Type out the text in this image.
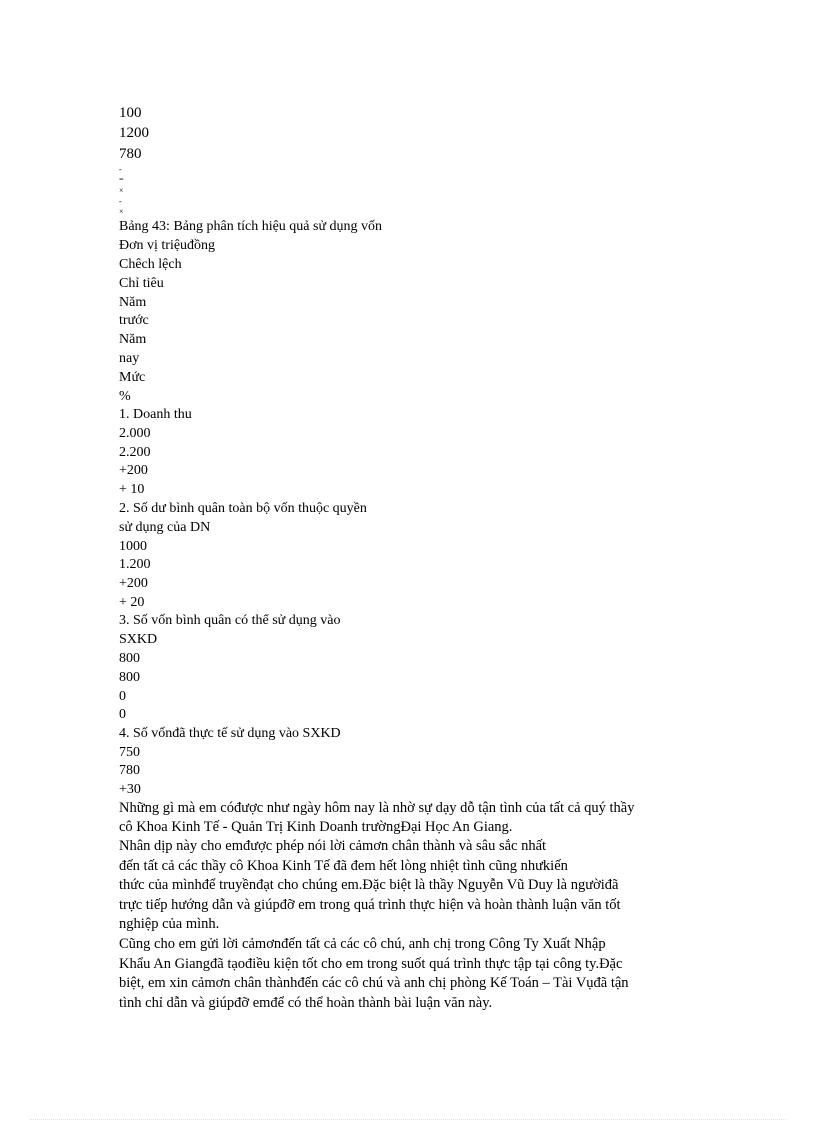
100
1200
780
-
=
×
-
×
Bảng 43: Bảng phân tích hiệu quả sử dụng vốn
Đơn vị triệuđồng
Chêch lệch
Chỉ tiêu
Năm
trước
Năm
nay
Mức
%
1. Doanh thu
2.000
2.200
+200
+ 10
2. Số dư bình quân toàn bộ vốn thuộc quyền
sử dụng của DN
1000
1.200
+200
+ 20
3. Số vốn bình quân có thể sử dụng vào
SXKD
800
800
0
0
4. Số vốnđã thực tế sử dụng vào SXKD
750
780
+30
Những gì mà em cóđược như ngày hôm nay là nhờ sự dạy dỗ tận tình của tất cả quý thầy
cô Khoa Kinh Tế - Quản Trị Kinh Doanh trườngĐại Học An Giang.
Nhân dịp này cho emđược phép nói lời cảmơn chân thành và sâu sắc nhất
đến tất cả các thầy cô Khoa Kinh Tế đã đem hết lòng nhiệt tình cũng nhưkiến
thức của mìnhđể truyềnđạt cho chúng em.Đặc biệt là thầy Nguyễn Vũ Duy là ngườiđã
trực tiếp hướng dẫn và giúpđỡ em trong quá trình thực hiện và hoàn thành luận văn tốt
nghiệp của mình.
Cũng cho em gửi lời cảmơnđến tất cả các cô chú, anh chị trong Công Ty Xuất Nhập
Khẩu An Giangđã tạođiều kiện tốt cho em trong suốt quá trình thực tập tại công ty.Đặc
biệt, em xin cảmơn chân thànhđến các cô chú và anh chị phòng Kế Toán – Tài Vụđã tận
tình chỉ dẫn và giúpđỡ emđể có thể hoàn thành bài luận văn này.
